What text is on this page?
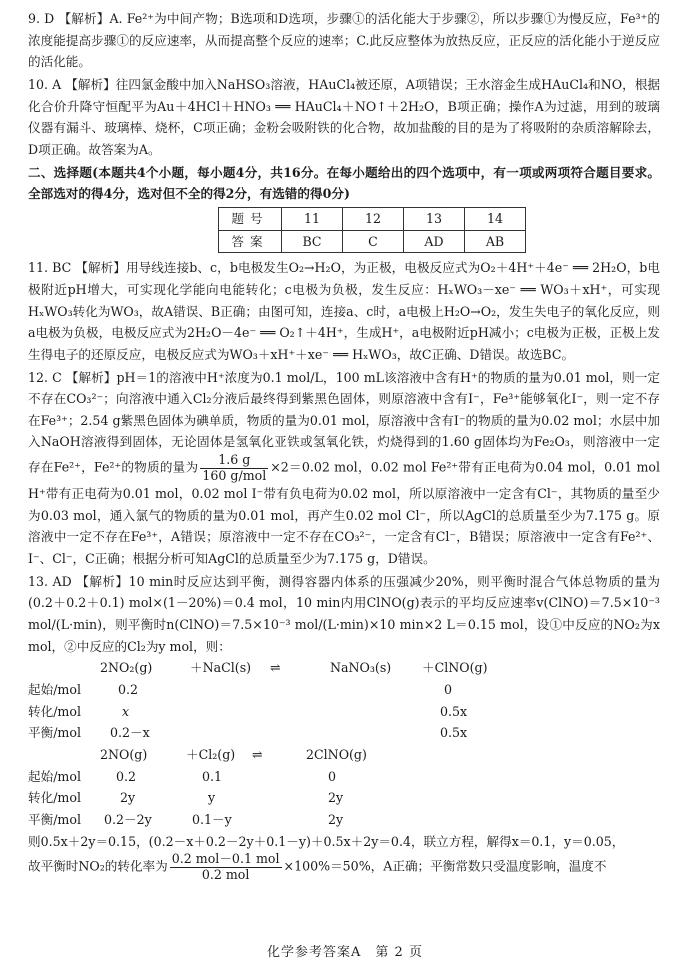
9. D 【解析】A. Fe²⁺为中间产物；B选项和D选项，步骤①的活化能大于步骤②，所以步骤①为慢反应，Fe³⁺的浓度能提高步骤①的反应速率，从而提高整个反应的速率；C.此反应整体为放热反应，正反应的活化能小于逆反应的活化能。

10. A 【解析】往四氯金酸中加入NaHSO₃溶液，HAuCl₄被还原，A项错误；王水溶金生成HAuCl₄和NO，根据化合价升降守恒配平为Au＋4HCl＋HNO₃ ══ HAuCl₄＋NO↑＋2H₂O，B项正确；操作A为过滤，用到的玻璃仪器有漏斗、玻璃棒、烧杯，C项正确；金粉会吸附铁的化合物，故加盐酸的目的是为了将吸附的杂质溶解除去，D项正确。故答案为A。

二、选择题(本题共4个小题，每小题4分，共16分。在每小题给出的四个选项中，有一项或两项符合题目要求。全部选对的得4分，选对但不全的得2分，有选错的得0分)

题号	11	12	13	14
答案	BC	C	AD	AB

11. BC 【解析】用导线连接b、c，b电极发生O₂→H₂O，为正极，电极反应式为O₂＋4H⁺＋4e⁻ ══ 2H₂O，b电极附近pH增大，可实现化学能向电能转化；c电极为负极，发生反应：HₓWO₃－xe⁻ ══ WO₃＋xH⁺，可实现HₓWO₃转化为WO₃，故A错误、B正确；由图可知，连接a、c时，a电极上H₂O→O₂，发生失电子的氧化反应，则a电极为负极，电极反应式为2H₂O－4e⁻ ══ O₂↑＋4H⁺，生成H⁺，a电极附近pH减小；c电极为正极，正极上发生得电子的还原反应，电极反应式为WO₃＋xH⁺＋xe⁻ ══ HₓWO₃，故C正确、D错误。故选BC。

12. C 【解析】pH＝1的溶液中H⁺浓度为0.1 mol/L，100 mL该溶液中含有H⁺的物质的量为0.01 mol，则一定不存在CO₃²⁻；向溶液中通入Cl₂分液后最终得到紫黑色固体，则原溶液中含有I⁻，Fe³⁺能够氧化I⁻，则一定不存在Fe³⁺；2.54 g紫黑色固体为碘单质，物质的量为0.01 mol，原溶液中含有I⁻的物质的量为0.02 mol；水层中加入NaOH溶液得到固体，无论固体是氢氧化亚铁或氢氧化铁，灼烧得到的1.60 g固体均为Fe₂O₃，则溶液中一定存在Fe²⁺，Fe²⁺的物质的量为 $\frac{1.6 g}{\text{160 g/mol}} \times 2=0.02$ mol，0.02 mol Fe²⁺带有正电荷为0.04 mol，0.01 mol H⁺带有正电荷为0.01 mol，0.02 mol I⁻带有负电荷为0.02 mol，所以原溶液中一定含有Cl⁻，其物质的量至少为0.03 mol，通入氯气的物质的量为0.01 mol，再产生0.02 mol Cl⁻，所以AgCl的总质量至少为7.175 g。原溶液中一定不存在Fe³⁺，A错误；原溶液中一定不存在CO₃²⁻，一定含有Cl⁻，B错误；原溶液中一定含有Fe²⁺、I⁻、Cl⁻，C正确；根据分析可知AgCl的总质量至少为7.175 g，D错误。

13. AD 【解析】10 min时反应达到平衡，测得容器内体系的压强减少20%，则平衡时混合气体总物质的量为(0.2＋0.2＋0.1) mol×(1－20%)＝0.4 mol，10 min内用ClNO(g)表示的平均反应速率v(ClNO)＝7.5×10⁻³ mol/(L·min)，则平衡时n(ClNO)＝7.5×10⁻³ mol/(L·min)×10 min×2 L＝0.15 mol，设①中反应的NO₂为x mol，②中反应的Cl₂为y mol，则：

	2NO₂(g)	＋NaCl(s)	⇌	NaNO₃(s)	＋ClNO(g)
起始/mol	0.2				0
转化/mol	x				0.5x
平衡/mol	0.2－x				0.5x
	2NO(g)	＋Cl₂(g)	⇌	2ClNO(g)
起始/mol	0.2	0.1		0
转化/mol	2y	y		2y
平衡/mol	0.2－2y	0.1－y		2y

则0.5x＋2y＝0.15，(0.2－x＋0.2－2y＋0.1－y)＋0.5x＋2y＝0.4，联立方程，解得x＝0.1，y＝0.05，

故平衡时NO₂的转化率为 $\frac{\text{0.2 mol－0.1 mol}}{\text{0.2 mol}} \times 100\%=50\%$，A正确；平衡常数只受温度影响，温度不

化学参考答案A　第 2 页
